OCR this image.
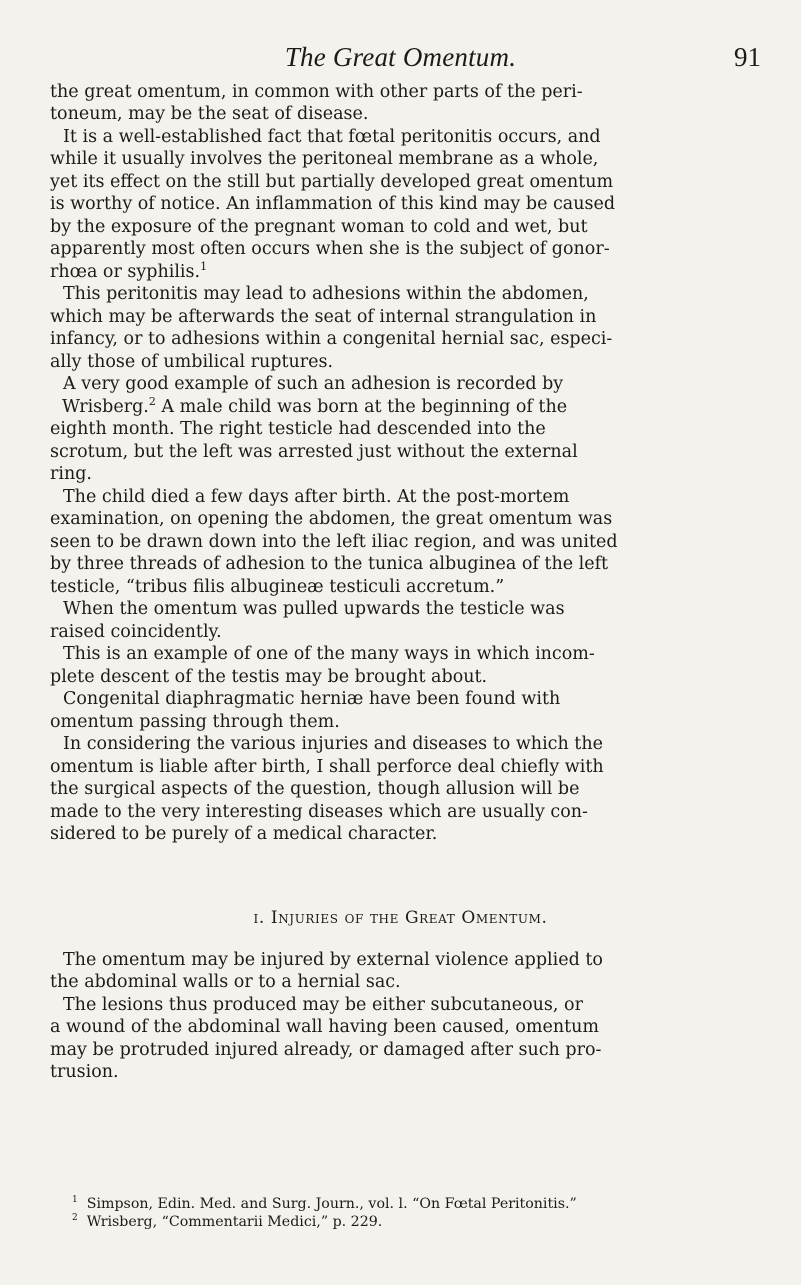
The Great Omentum.	91
the great omentum, in common with other parts of the peri-
toneum, may be the seat of disease.
It is a well-established fact that fœtal peritonitis occurs, and
while it usually involves the peritoneal membrane as a whole,
yet its effect on the still but partially developed great omentum
is worthy of notice. An inflammation of this kind may be caused
by the exposure of the pregnant woman to cold and wet, but
apparently most often occurs when she is the subject of gonor-
rhœa or syphilis.$^1$
This peritonitis may lead to adhesions within the abdomen,
which may be afterwards the seat of internal strangulation in
infancy, or to adhesions within a congenital hernial sac, especi-
ally those of umbilical ruptures.
A very good example of such an adhesion is recorded by
Wrisberg.$^2$ A male child was born at the beginning of the
eighth month. The right testicle had descended into the
scrotum, but the left was arrested just without the external
ring.
The child died a few days after birth. At the post-mortem
examination, on opening the abdomen, the great omentum was
seen to be drawn down into the left iliac region, and was united
by three threads of adhesion to the tunica albuginea of the left
testicle, “tribus filis albugineæ testiculi accretum.”
When the omentum was pulled upwards the testicle was
raised coincidently.
This is an example of one of the many ways in which incom-
plete descent of the testis may be brought about.
Congenital diaphragmatic herniæ have been found with
omentum passing through them.
In considering the various injuries and diseases to which the
omentum is liable after birth, I shall perforce deal chiefly with
the surgical aspects of the question, though allusion will be
made to the very interesting diseases which are usually con-
sidered to be purely of a medical character.
i. Injuries of the Great Omentum.
The omentum may be injured by external violence applied to
the abdominal walls or to a hernial sac.
The lesions thus produced may be either subcutaneous, or
a wound of the abdominal wall having been caused, omentum
may be protruded injured already, or damaged after such pro-
trusion.
$^1$  Simpson, Edin. Med. and Surg. Journ., vol. l. “On Fœtal Peritonitis.”
$^2$  Wrisberg, “Commentarii Medici,” p. 229.
